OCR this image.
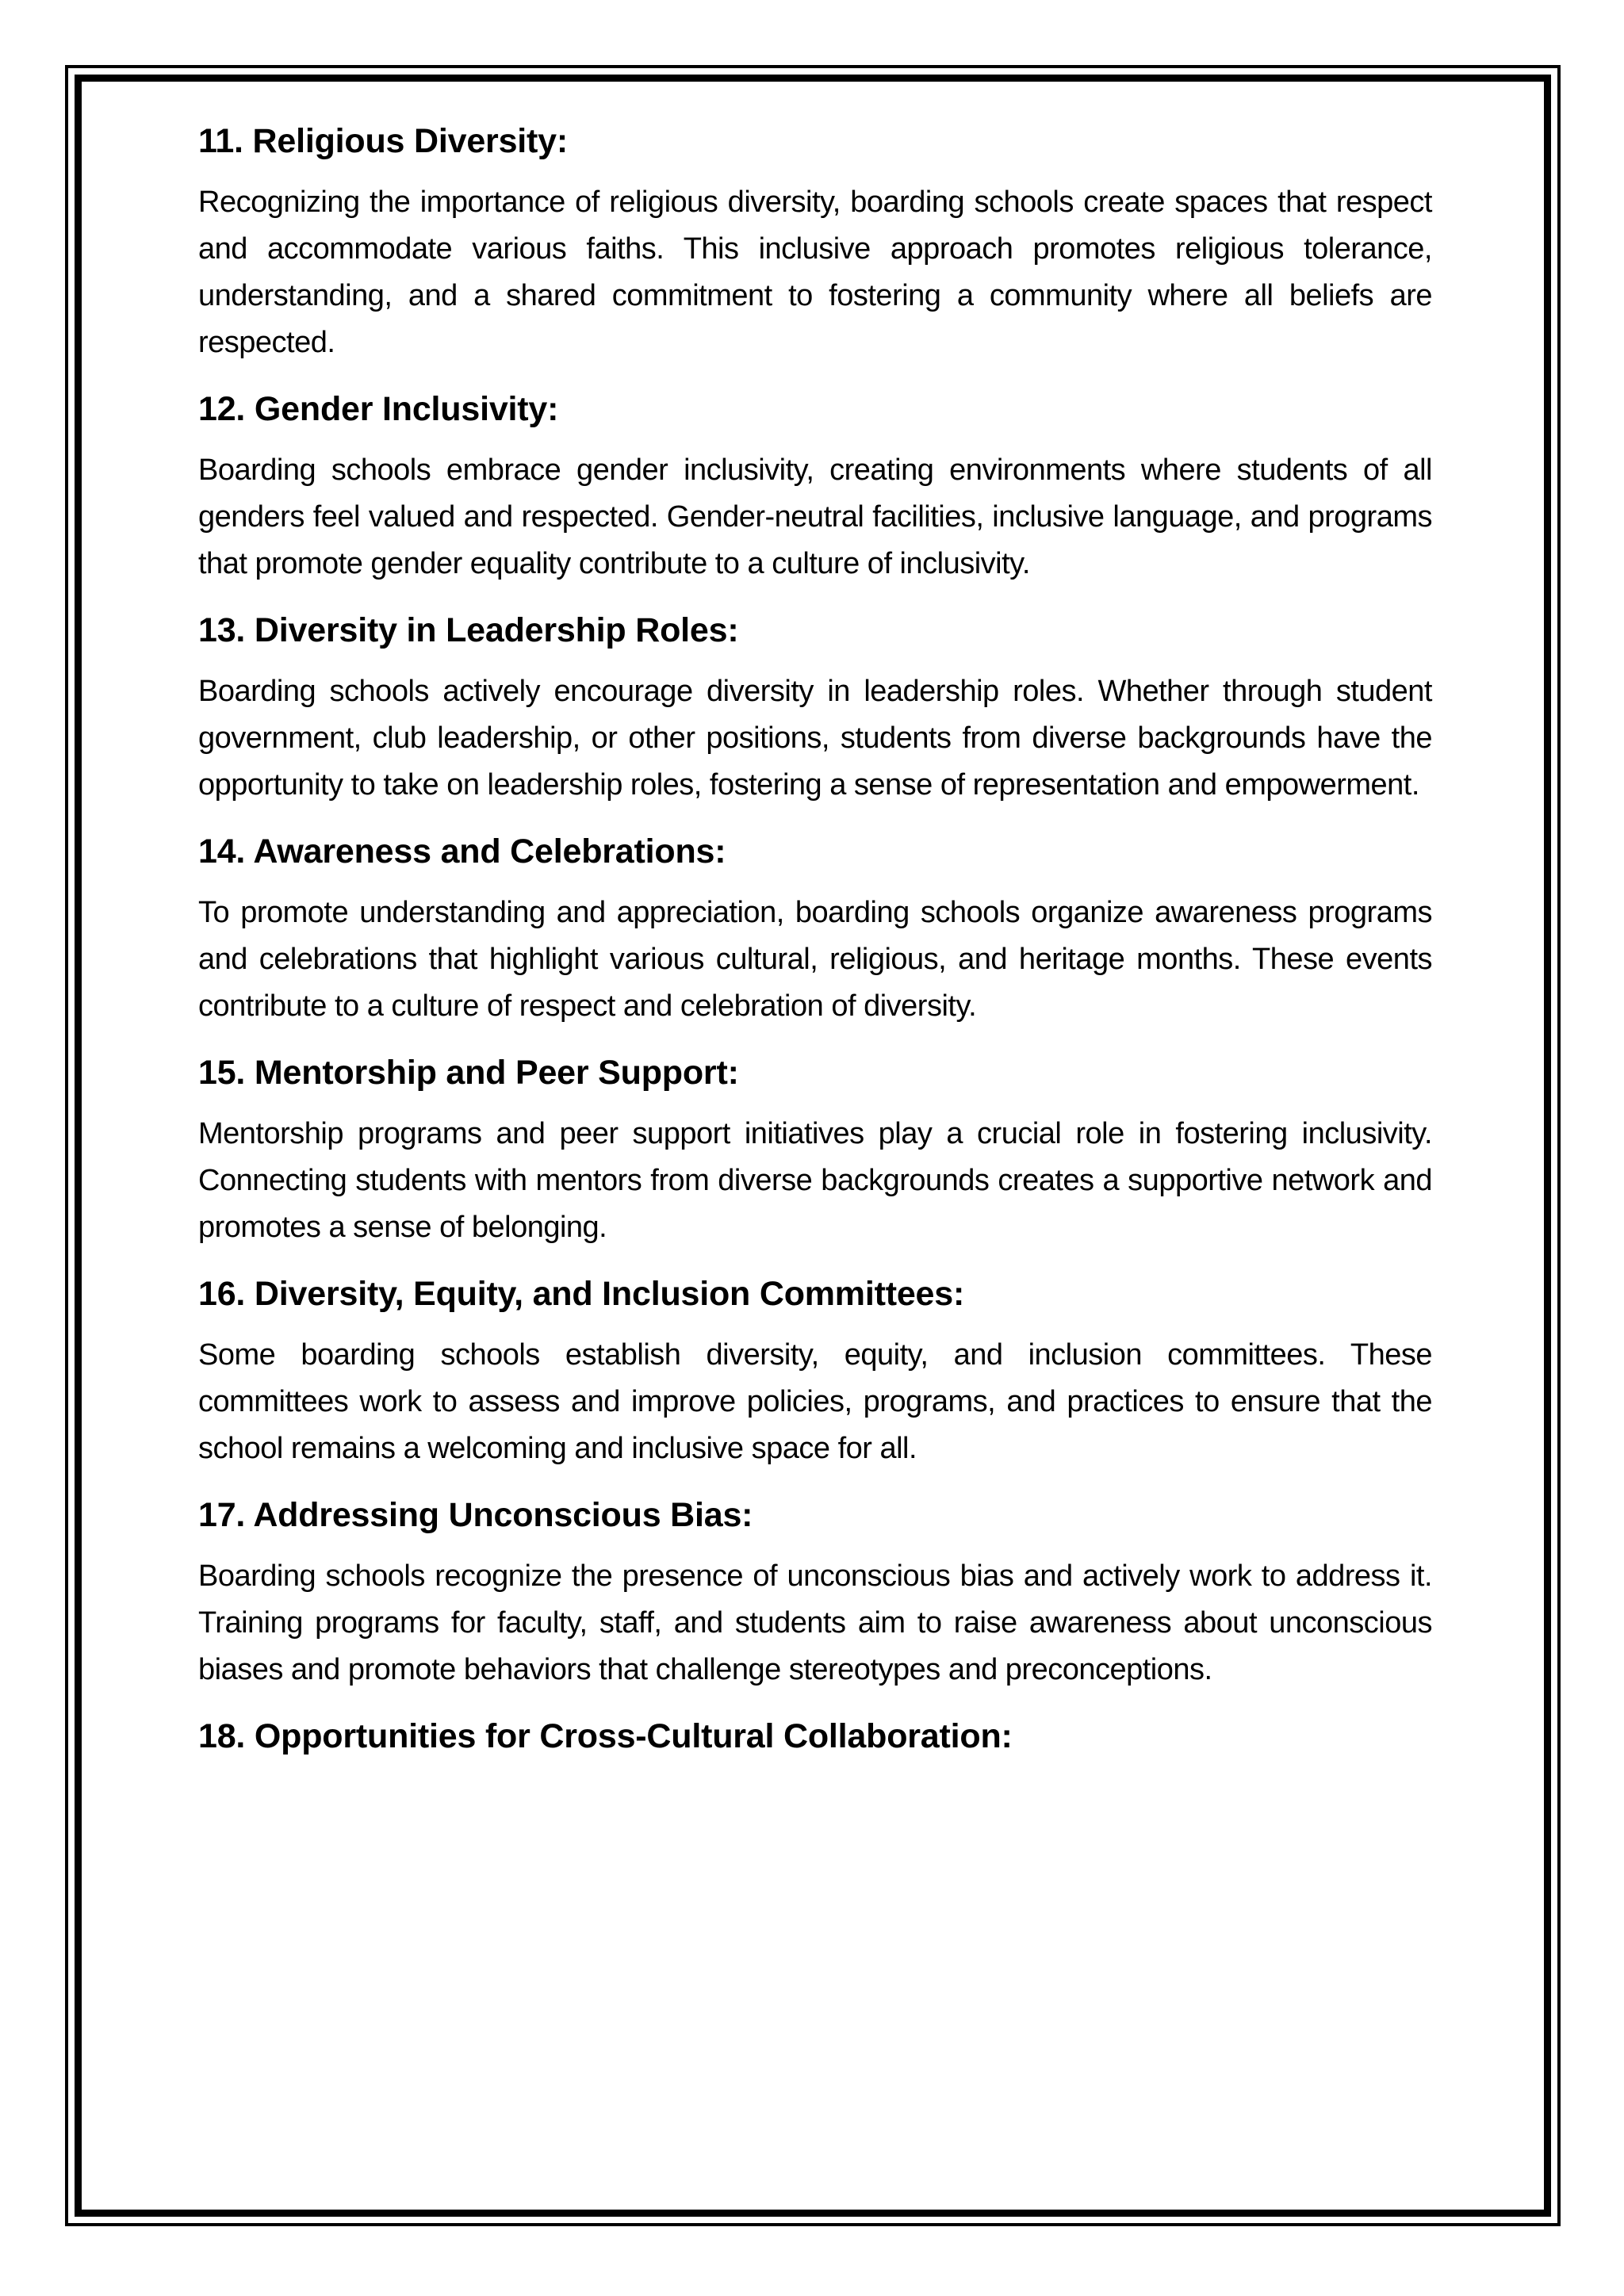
11. Religious Diversity:

Recognizing the importance of religious diversity, boarding schools create spaces that respect and accommodate various faiths. This inclusive approach promotes religious tolerance, understanding, and a shared commitment to fostering a community where all beliefs are respected.

12. Gender Inclusivity:

Boarding schools embrace gender inclusivity, creating environments where students of all genders feel valued and respected. Gender-neutral facilities, inclusive language, and programs that promote gender equality contribute to a culture of inclusivity.

13. Diversity in Leadership Roles:

Boarding schools actively encourage diversity in leadership roles. Whether through student government, club leadership, or other positions, students from diverse backgrounds have the opportunity to take on leadership roles, fostering a sense of representation and empowerment.

14. Awareness and Celebrations:

To promote understanding and appreciation, boarding schools organize awareness programs and celebrations that highlight various cultural, religious, and heritage months. These events contribute to a culture of respect and celebration of diversity.

15. Mentorship and Peer Support:

Mentorship programs and peer support initiatives play a crucial role in fostering inclusivity. Connecting students with mentors from diverse backgrounds creates a supportive network and promotes a sense of belonging.

16. Diversity, Equity, and Inclusion Committees:

Some boarding schools establish diversity, equity, and inclusion committees. These committees work to assess and improve policies, programs, and practices to ensure that the school remains a welcoming and inclusive space for all.

17. Addressing Unconscious Bias:

Boarding schools recognize the presence of unconscious bias and actively work to address it. Training programs for faculty, staff, and students aim to raise awareness about unconscious biases and promote behaviors that challenge stereotypes and preconceptions.

18. Opportunities for Cross-Cultural Collaboration:
